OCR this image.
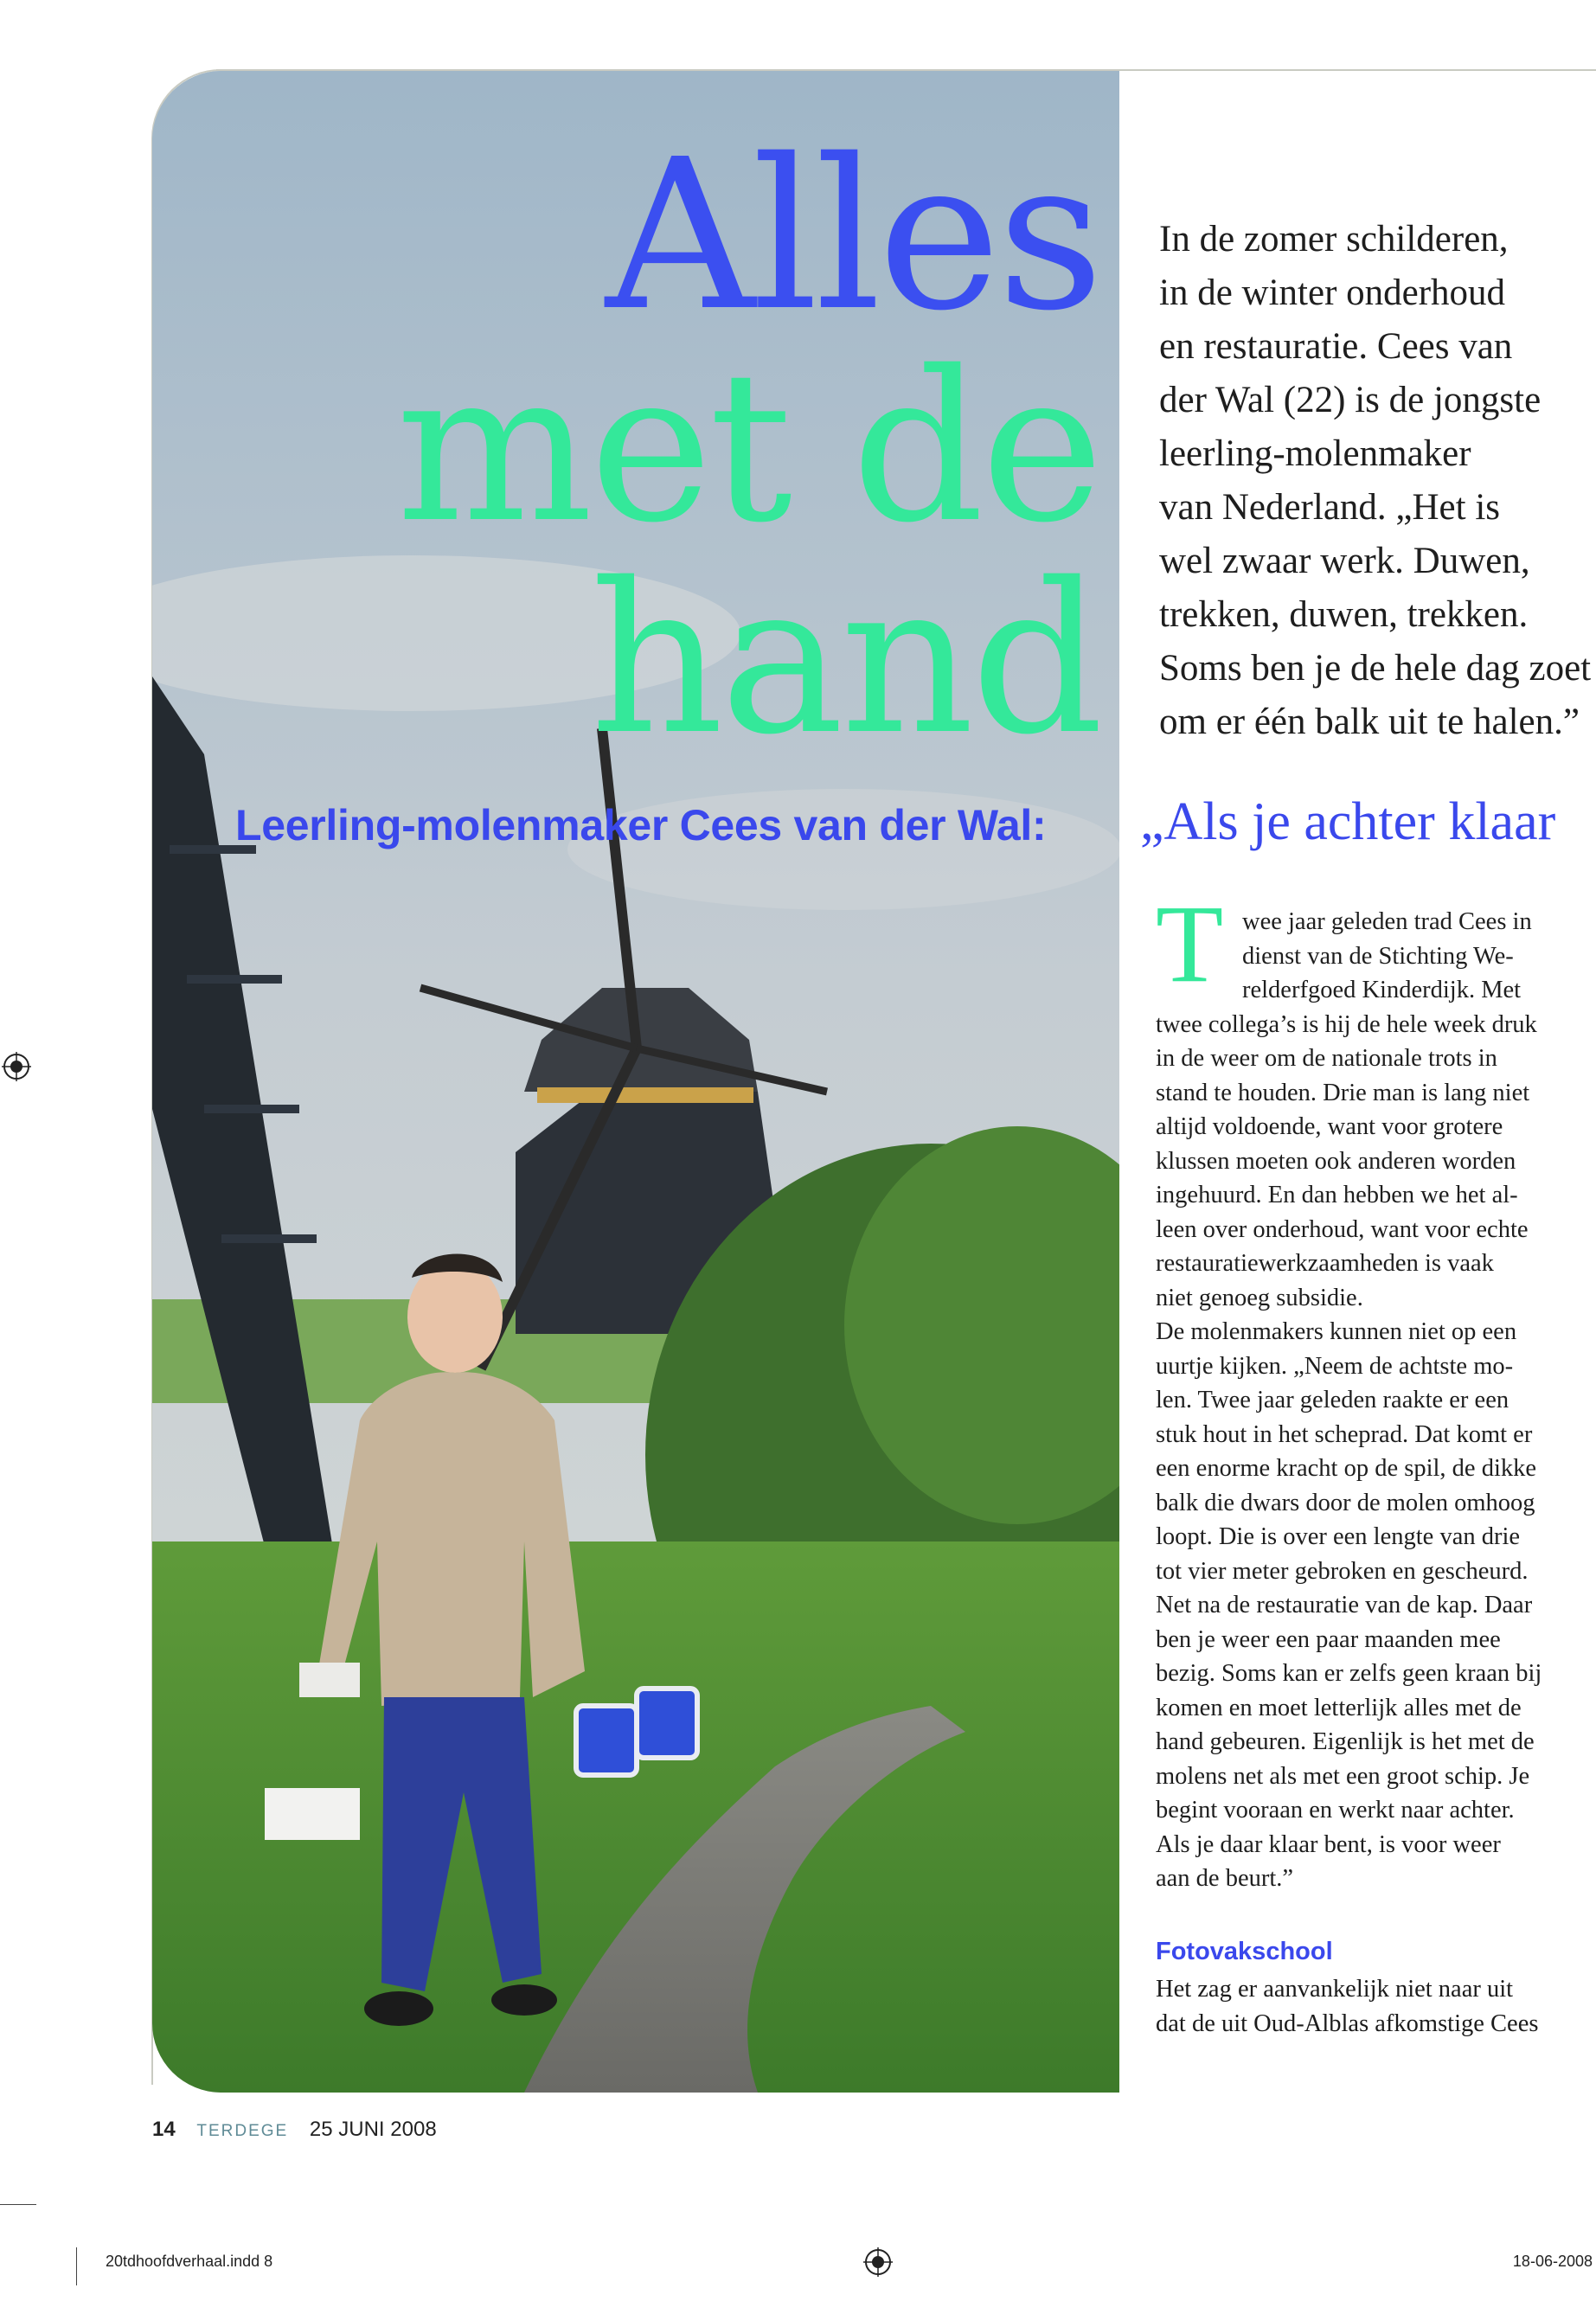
Alles
met de
hand
Leerling-molenmaker Cees van der Wal:
In de zomer schilderen,
in de winter onderhoud
en restauratie. Cees van
der Wal (22) is de jongste
leerling-molenmaker
van Nederland. „Het is
wel zwaar werk. Duwen,
trekken, duwen, trekken.
Soms ben je de hele dag zoet
om er één balk uit te halen.”
„Als je achter klaar
T wee jaar geleden trad Cees in
dienst van de Stichting We-
relderfgoed Kinderdijk. Met
twee collega’s is hij de hele week druk
in de weer om de nationale trots in
stand te houden. Drie man is lang niet
altijd voldoende, want voor grotere
klussen moeten ook anderen worden
ingehuurd. En dan hebben we het al-
leen over onderhoud, want voor echte
restauratiewerkzaamheden is vaak
niet genoeg subsidie.
De molenmakers kunnen niet op een
uurtje kijken. „Neem de achtste mo-
len. Twee jaar geleden raakte er een
stuk hout in het scheprad. Dat komt er
een enorme kracht op de spil, de dikke
balk die dwars door de molen omhoog
loopt. Die is over een lengte van drie
tot vier meter gebroken en gescheurd.
Net na de restauratie van de kap. Daar
ben je weer een paar maanden mee
bezig. Soms kan er zelfs geen kraan bij
komen en moet letterlijk alles met de
hand gebeuren. Eigenlijk is het met de
molens net als met een groot schip. Je
begint vooraan en werkt naar achter.
Als je daar klaar bent, is voor weer
aan de beurt.”
Fotovakschool
Het zag er aanvankelijk niet naar uit
dat de uit Oud-Alblas afkomstige Cees
14 TERDEGE 25 JUNI 2008
20tdhoofdverhaal.indd 8	18-06-2008
